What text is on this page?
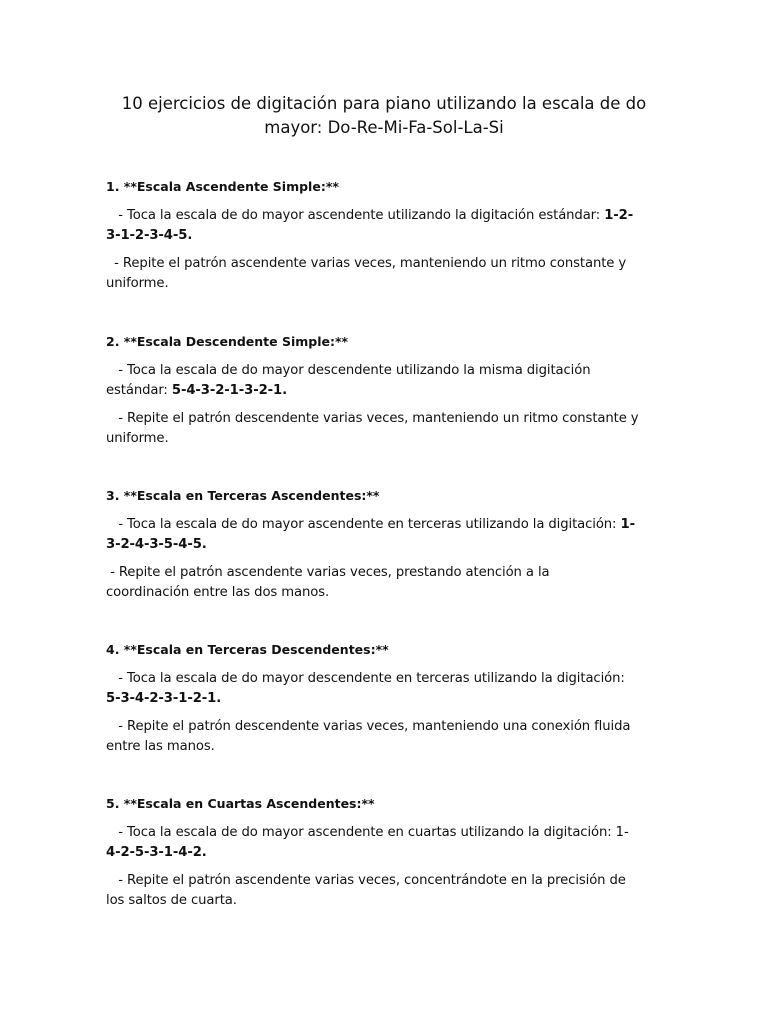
10 ejercicios de digitación para piano utilizando la escala de do
mayor: Do-Re-Mi-Fa-Sol-La-Si

1. **Escala Ascendente Simple:**

- Toca la escala de do mayor ascendente utilizando la digitación estándar: 1-2-

3-1-2-3-4-5.

- Repite el patrón ascendente varias veces, manteniendo un ritmo constante y

uniforme.

2. **Escala Descendente Simple:**

- Toca la escala de do mayor descendente utilizando la misma digitación

estándar: 5-4-3-2-1-3-2-1.

- Repite el patrón descendente varias veces, manteniendo un ritmo constante y

uniforme.

3. **Escala en Terceras Ascendentes:**

- Toca la escala de do mayor ascendente en terceras utilizando la digitación: 1-

3-2-4-3-5-4-5.

- Repite el patrón ascendente varias veces, prestando atención a la

coordinación entre las dos manos.

4. **Escala en Terceras Descendentes:**

- Toca la escala de do mayor descendente en terceras utilizando la digitación:

5-3-4-2-3-1-2-1.

- Repite el patrón descendente varias veces, manteniendo una conexión fluida

entre las manos.

5. **Escala en Cuartas Ascendentes:**

- Toca la escala de do mayor ascendente en cuartas utilizando la digitación: 1-

4-2-5-3-1-4-2.

- Repite el patrón ascendente varias veces, concentrándote en la precisión de

los saltos de cuarta.
